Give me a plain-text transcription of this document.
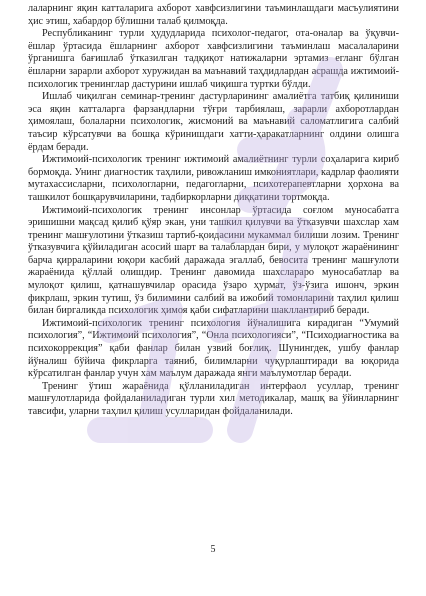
лаларнинг яқин катталарига ахборот хавфсизлигини таъминлашдаги масъулиятини ҳис этиш, хабардор бўлишни талаб қилмоқда.

Республиканинг турли ҳудудларида психолог-педагог, ота-оналар ва ўқувчи-ёшлар ўртасида ёшларнинг ахборот хавфсизлигини таъминлаш масалаларини ўрганишга бағишлаб ўтказилган тадқиқот натижаларни эртамиз егланг бўлган ёшларни зарарли ахборот хуружидан ва маънавий таҳдидлардан асрашда ижтимоий-психологик тренинглар дастурини ишлаб чиқишга туртки бўлди.

Ишлаб чиқилган семинар-тренинг дастурларининг амалиётга татбиқ қилиниши эса яқин катталарга фарзандларни тўғри тарбиялаш, зарарли ахборотлардан ҳимоялаш, болаларни психологик, жисмоний ва маънавий саломатлигига салбий таъсир кўрсатувчи ва бошқа кўринишдаги хатти-ҳаракатларнинг олдини олишга ёрдам беради.

Ижтимоий-психологик тренинг ижтимоий амалиётнинг турли соҳаларига кириб бормоқда. Унинг диагностик таҳлили, ривожланиш имкониятлари, кадрлар фаолияти мутахассисларни, психологларни, педагогларни, психотерапевтларни ҳорхона ва ташкилот бошқарувчиларини, тадбиркорларни диққатини тортмоқда.

Ижтимоий-психологик тренинг инсонлар ўртасида соғлом муносабатга эришишни мақсад қилиб қўяр экан, уни ташкил қилувчи ва ўтказувчи шахслар хам тренинг машғулотини ўтказиш тартиб-қоидасини мукаммал билиши лозим. Тренинг ўтказувчига қўйиладиган асосий шарт ва талаблардан бири, у мулоқот жараёнининг барча қирраларини юқори касбий даражада эгаллаб, бевосита тренинг машғулоти жараёнида қўллай олишдир. Тренинг давомида шахсларарo муносабатлар ва мулоқот қилиш, қатнашувчилар орасида ўзаро ҳурмат, ўз-ўзига ишонч, эркин фикрлаш, эркин тутиш, ўз билимини салбий ва ижобий томонларини таҳлил қилиш билан биргаликда психологик ҳимоя қаби сифатларини шакллантириб беради.

Ижтимоий-психологик тренинг психология йўналишига кирадиган “Умумий психология”, “Ижтимоий психология”, “Онла психологияси”, “Психодиагностика ва психокоррекция” қаби фанлар билан узвий боғлиқ. Шунингдек, ушбу фанлар йўналиш бўйича фикрларга таяниб, билимларни чуқурлаштиради ва юқорида кўрсатилган фанлар учун хам маълум даражада янги маълумотлар беради.

Тренинг ўтиш жараёнида қўлланиладиган интерфаол усуллар, тренинг машғулотларида фойдаланиладиган турли хил методикалар, машқ ва ўйинларнинг тавсифи, уларни таҳлил қилиш усулларидан фойдаланилади.

5
